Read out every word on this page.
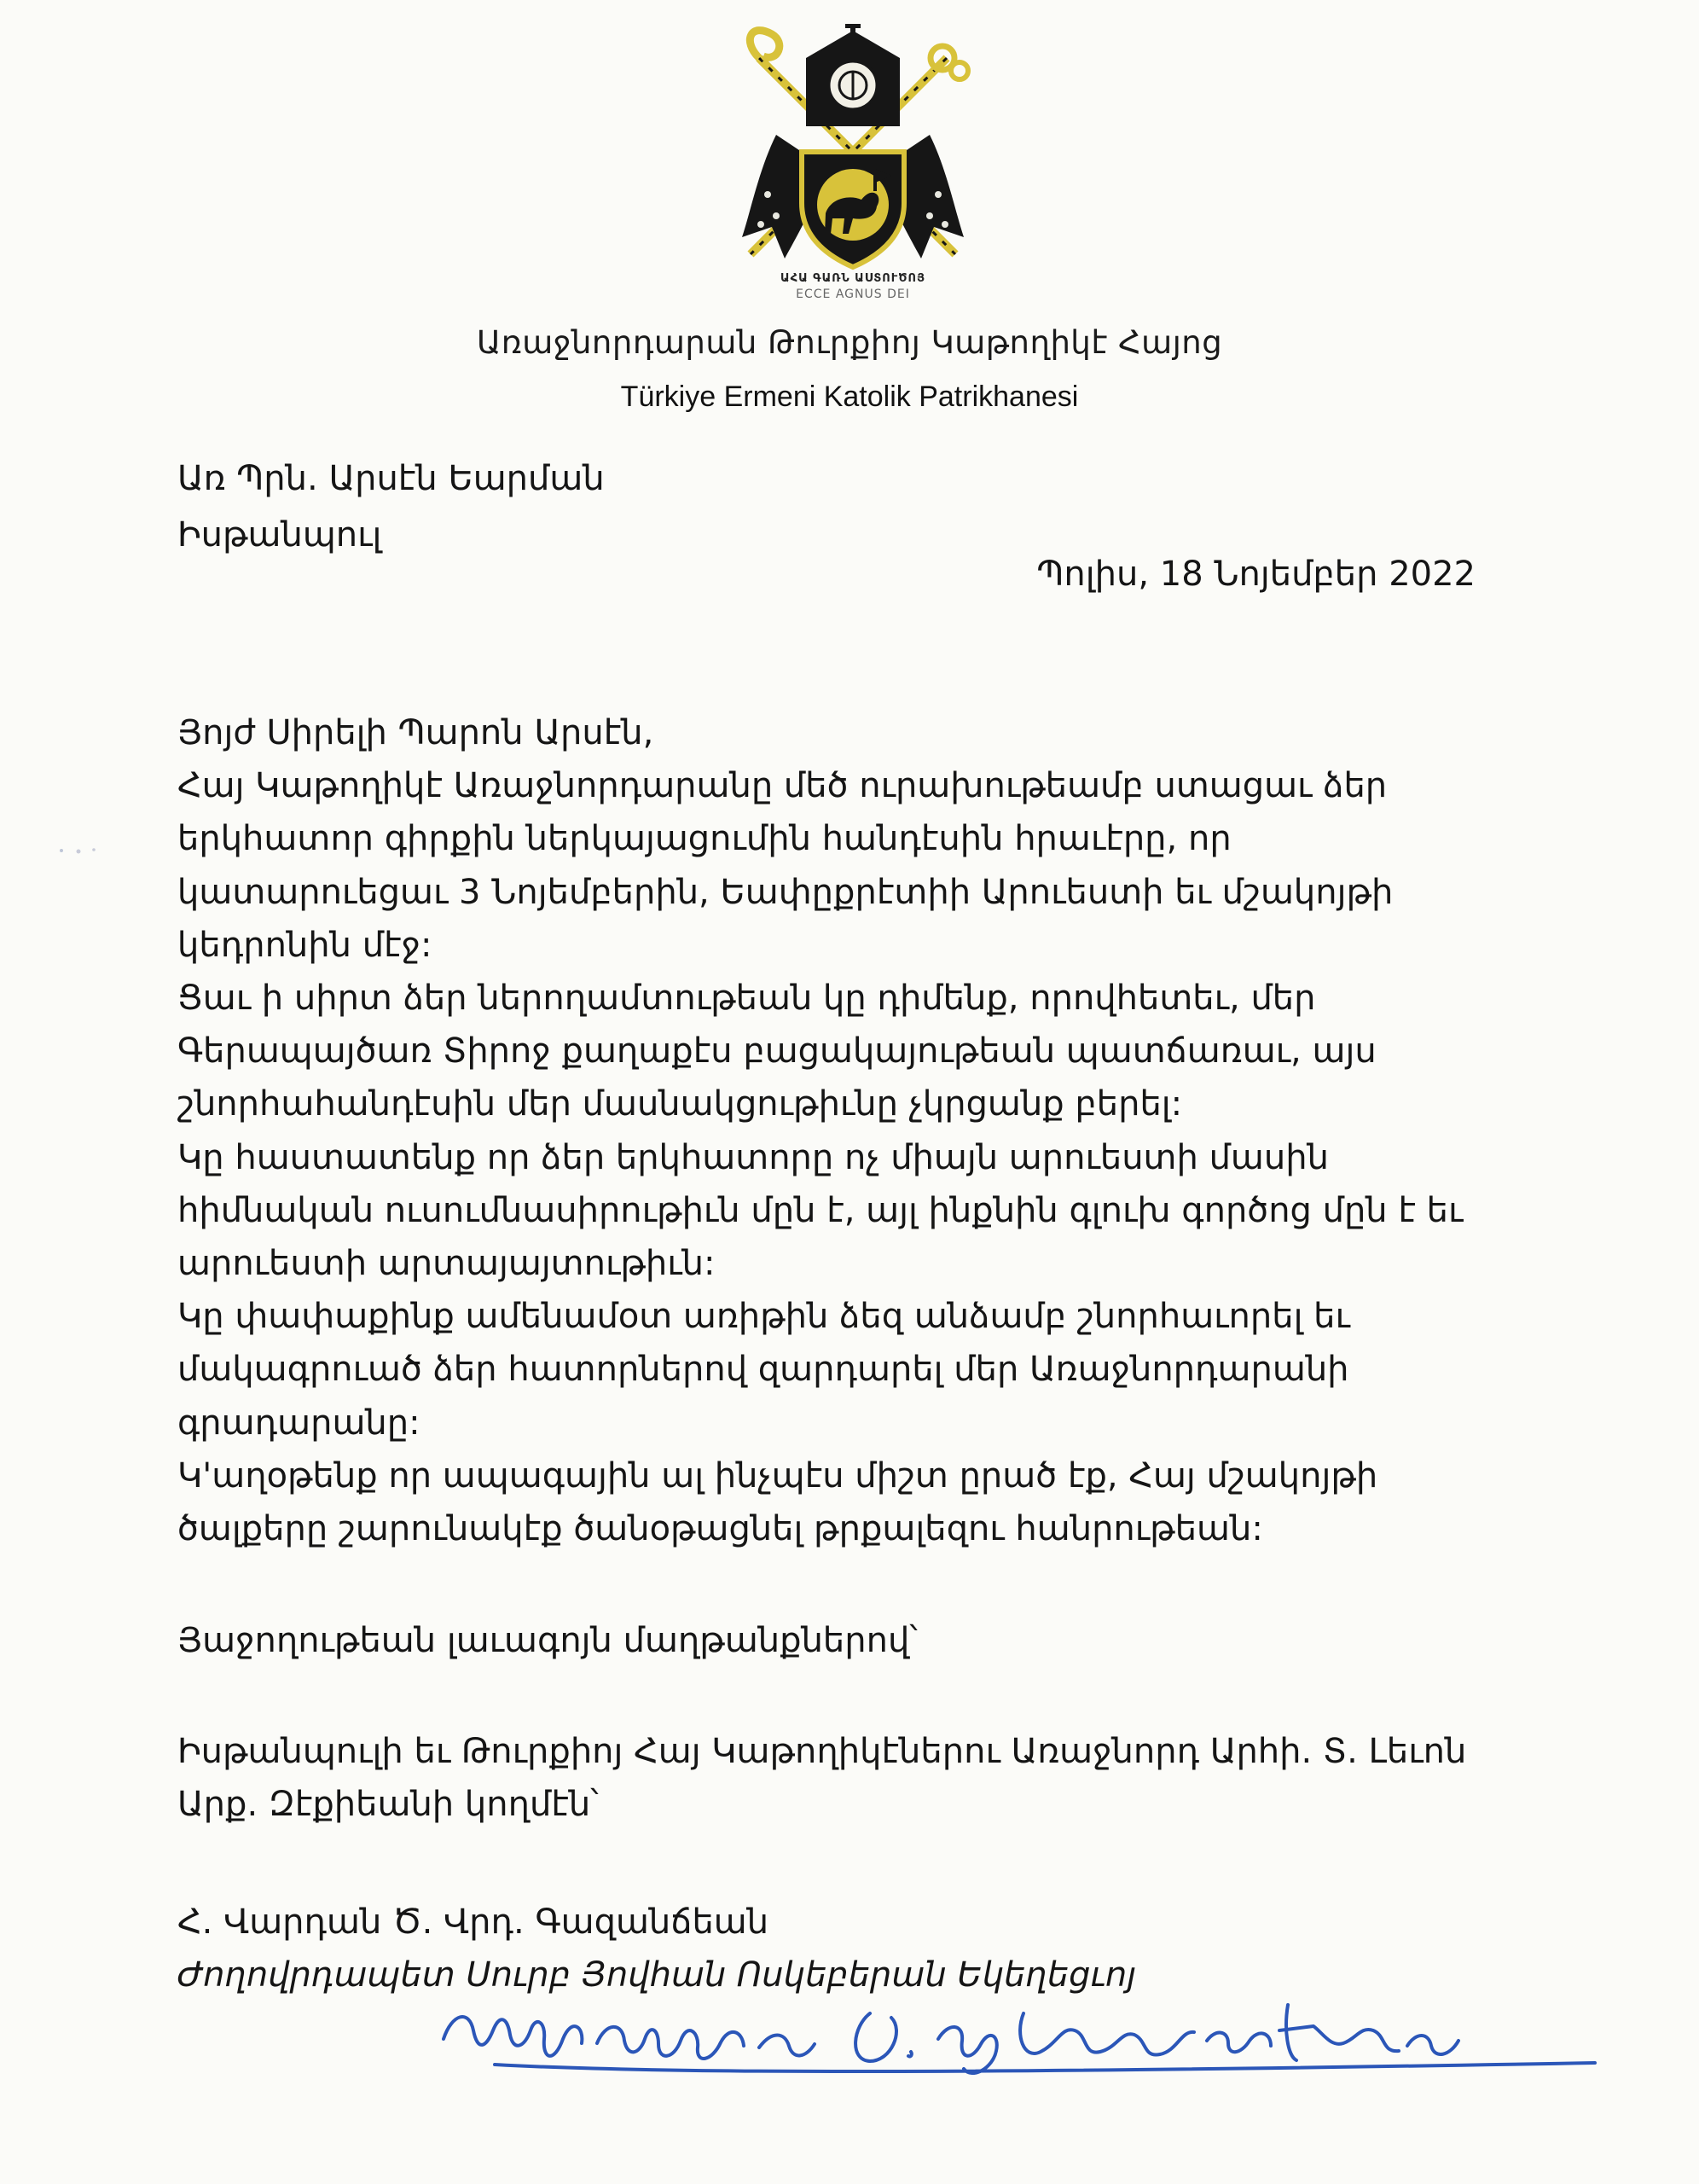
ԱՀԱ ԳԱՌՆ ԱՍՏՈՒԾՈՅ
ECCE AGNUS DEI
Առաջնորդարան Թուրքիոյ Կաթողիկէ Հայոց
Türkiye Ermeni Katolik Patrikhanesi
Առ Պրն. Արսէն Եարման
Իսթանպուլ
Պոլիս, 18 Նոյեմբեր 2022

Յոյժ Սիրելի Պարոն Արսէն,

Հայ Կաթողիկէ Առաջնորդարանը մեծ ուրախութեամբ ստացաւ ձեր երկհատոր գիրքին ներկայացումին հանդէսին հրաւէրը, որ կատարուեցաւ 3 Նոյեմբերին, Եափըքրէտիի Արուեստի եւ մշակոյթի կեդրոնին մէջ:

Ցաւ ի սիրտ ձեր ներողամտութեան կը դիմենք, որովհետեւ, մեր Գերապայծառ Տիրոջ քաղաքէս բացակայութեան պատճառաւ, այս շնորհահանդէսին մեր մասնակցութիւնը չկրցանք բերել:

Կը հաստատենք որ ձեր երկհատորը ոչ միայն արուեստի մասին հիմնական ուսումնասիրութիւն մըն է, այլ ինքնին գլուխ գործոց մըն է եւ արուեստի արտայայտութիւն:

Կը փափաքինք ամենամօտ առիթին ձեզ անձամբ շնորհաւորել եւ մակագրուած ձեր հատորներով զարդարել մեր Առաջնորդարանի գրադարանը:

Կ'աղօթենք որ ապագային ալ ինչպէս միշտ ըրած էք, Հայ մշակոյթի ծալքերը շարունակէք ծանօթացնել թրքալեզու հանրութեան:

Յաջողութեան լաւագոյն մաղթանքներով՝
Իսթանպուլի եւ Թուրքիոյ Հայ Կաթողիկէներու Առաջնորդ Արհի. Տ. Լեւոն Արք. Զէքիեանի կողմէն՝
Հ. Վարդան Ծ. Վրդ. Գազանճեան
Ժողովրդապետ Սուրբ Յովհան Ոսկեբերան Եկեղեցւոյ
